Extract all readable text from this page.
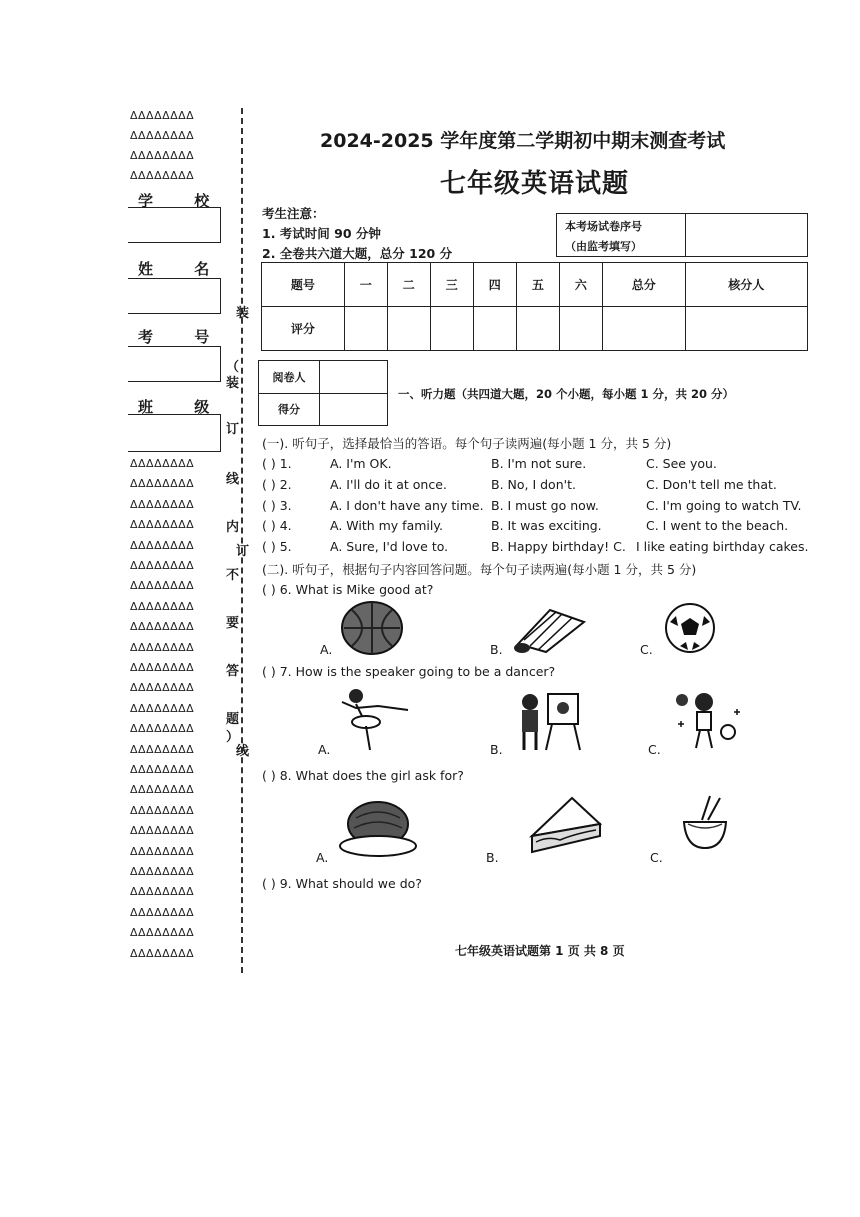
ΔΔΔΔΔΔΔΔ
ΔΔΔΔΔΔΔΔ
ΔΔΔΔΔΔΔΔ
ΔΔΔΔΔΔΔΔ
学 校
姓 名
考 号
班 级
ΔΔΔΔΔΔΔΔ
ΔΔΔΔΔΔΔΔ
ΔΔΔΔΔΔΔΔ
ΔΔΔΔΔΔΔΔ
ΔΔΔΔΔΔΔΔ
ΔΔΔΔΔΔΔΔ
ΔΔΔΔΔΔΔΔ
ΔΔΔΔΔΔΔΔ
ΔΔΔΔΔΔΔΔ
ΔΔΔΔΔΔΔΔ
ΔΔΔΔΔΔΔΔ
ΔΔΔΔΔΔΔΔ
ΔΔΔΔΔΔΔΔ
ΔΔΔΔΔΔΔΔ
ΔΔΔΔΔΔΔΔ
ΔΔΔΔΔΔΔΔ
ΔΔΔΔΔΔΔΔ
ΔΔΔΔΔΔΔΔ
ΔΔΔΔΔΔΔΔ
ΔΔΔΔΔΔΔΔ
ΔΔΔΔΔΔΔΔ
ΔΔΔΔΔΔΔΔ
ΔΔΔΔΔΔΔΔ
ΔΔΔΔΔΔΔΔ
ΔΔΔΔΔΔΔΔ
装
（
装
订
线
内
订
不
要
答
题
）
线
2024-2025 学年度第二学期初中期末测查考试
七年级英语试题
考生注意：
1. 考试时间 90 分钟
2. 全卷共六道大题，总分 120 分
本考场试卷序号
（由监考填写）
题号	一	二	三	四	五	六	总分	核分人
评分								
阅卷人	
得分	
一、听力题（共四道大题，20 个小题，每小题 1 分，共 20 分）
(一). 听句子，选择最恰当的答语。每个句子读两遍(每小题 1 分，共 5 分)
( ) 1.	A. I'm OK.	B. I'm not sure.	C. See you.
( ) 2.	A. I'll do it at once.	B. No, I don't.	C. Don't tell me that.
( ) 3.	A. I don't have any time. B. I must go now.	C. I'm going to watch TV.
( ) 4.	A. With my family.	B. It was exciting.	C. I went to the beach.
( ) 5.	A. Sure, I'd love to.	B. Happy birthday! C. I like eating birthday cakes.
(二). 听句子，根据句子内容回答问题。每个句子读两遍(每小题 1 分，共 5 分)
( ) 6. What is Mike good at?
A.	B.	C.
( ) 7. How is the speaker going to be a dancer?
A.	B.	C.
( ) 8. What does the girl ask for?
A.	B.	C.
( ) 9. What should we do?
七年级英语试题第 1 页 共 8 页
